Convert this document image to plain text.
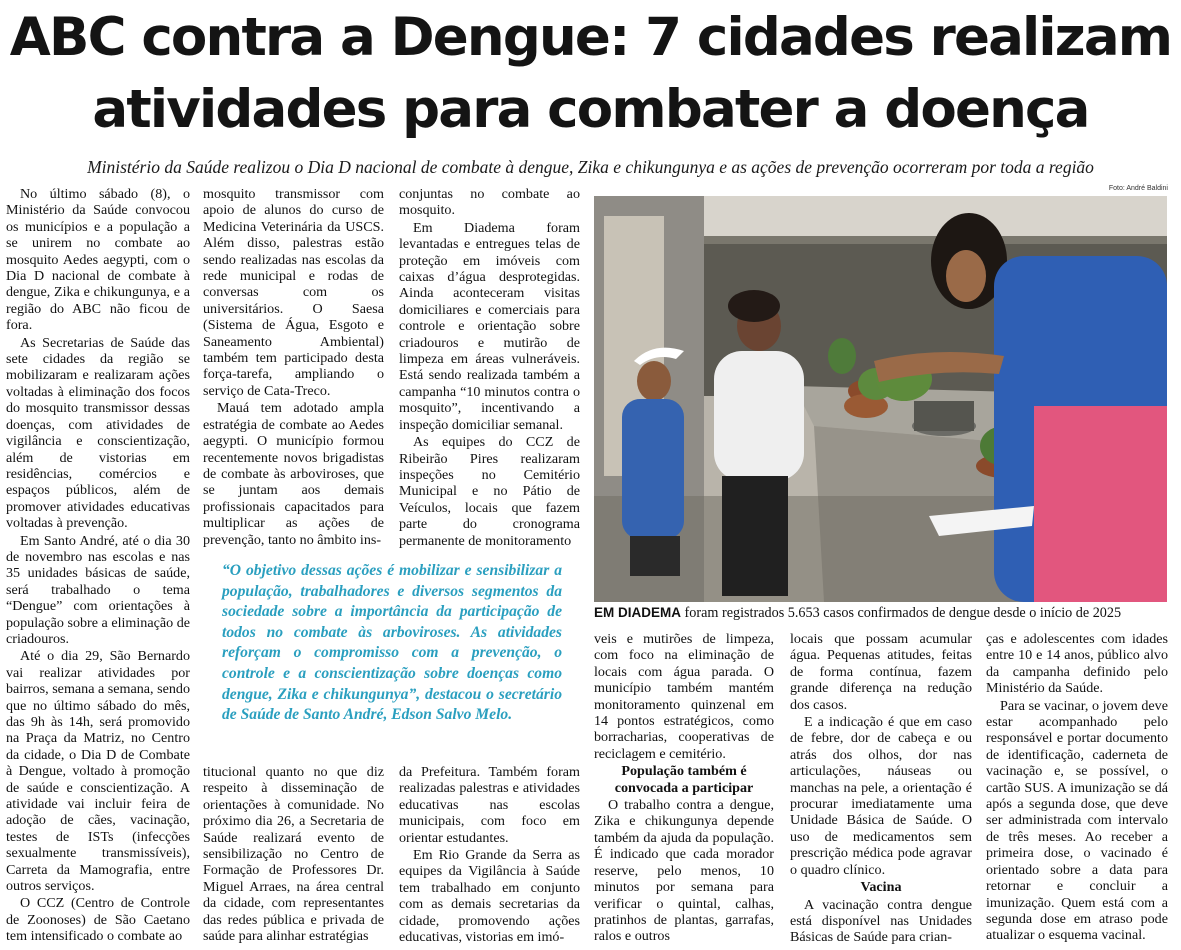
ABC contra a Dengue: 7 cidades realizam
atividades para combater a doença
Ministério da Saúde realizou o Dia D nacional de combate à dengue, Zika e chikungunya e as ações de prevenção ocorreram por toda a região

No último sábado (8), o Ministério da Saúde convocou os municípios e a população a se unirem no combate ao mosquito Aedes aegypti, com o Dia D nacional de combate à dengue, Zika e chikungunya, e a região do ABC não ficou de fora.

As Secretarias de Saúde das sete cidades da região se mobilizaram e realizaram ações voltadas à eliminação dos focos do mosquito transmissor dessas doenças, com atividades de vigilância e conscientização, além de vistorias em residências, comércios e espaços públicos, além de promover atividades educativas voltadas à prevenção.

Em Santo André, até o dia 30 de novembro nas escolas e nas 35 unidades básicas de saúde, será trabalhado o tema “Dengue” com orientações à população sobre a eliminação de criadouros.

Até o dia 29, São Bernardo vai realizar atividades por bairros, semana a semana, sendo que no último sábado do mês, das 9h às 14h, será promovido na Praça da Matriz, no Centro da cidade, o Dia D de Combate à Dengue, voltado à promoção de saúde e conscientização. A atividade vai incluir feira de adoção de cães, vacinação, testes de ISTs (infecções sexualmente transmissíveis), Carreta da Mamografia, entre outros serviços.

O CCZ (Centro de Controle de Zoonoses) de São Caetano tem intensificado o combate ao

mosquito transmissor com apoio de alunos do curso de Medicina Veterinária da USCS. Além disso, palestras estão sendo realizadas nas escolas da rede municipal e rodas de conversas com os universitários. O Saesa (Sistema de Água, Esgoto e Saneamento Ambiental) também tem participado desta força-tarefa, ampliando o serviço de Cata-Treco.

Mauá tem adotado ampla estratégia de combate ao Aedes aegypti. O município formou recentemente novos brigadistas de combate às arboviroses, que se juntam aos demais profissionais capacitados para multiplicar as ações de prevenção, tanto no âmbito ins-

conjuntas no combate ao mosquito.

Em Diadema foram levantadas e entregues telas de proteção em imóveis com caixas d’água desprotegidas. Ainda aconteceram visitas domiciliares e comerciais para controle e orientação sobre criadouros e mutirão de limpeza em áreas vulneráveis. Está sendo realizada também a campanha “10 minutos contra o mosquito”, incentivando a inspeção domiciliar semanal.

As equipes do CCZ de Ribeirão Pires realizaram inspeções no Cemitério Municipal e no Pátio de Veículos, locais que fazem parte do cronograma permanente de monitoramento

“O objetivo dessas ações é mobilizar e sensibilizar a população, trabalhadores e diversos segmentos da sociedade sobre a importância da participação de todos no combate às arboviroses. As atividades reforçam o compromisso com a prevenção, o controle e a conscientização sobre doenças como dengue, Zika e chikungunya”, destacou o secretário de Saúde de Santo André, Edson Salvo Melo.

titucional quanto no que diz respeito à disseminação de orientações à comunidade. No próximo dia 26, a Secretaria de Saúde realizará evento de sensibilização no Centro de Formação de Professores Dr. Miguel Arraes, na área central da cidade, com representantes das redes pública e privada de saúde para alinhar estratégias

da Prefeitura. Também foram realizadas palestras e atividades educativas nas escolas municipais, com foco em orientar estudantes.

Em Rio Grande da Serra as equipes da Vigilância à Saúde tem trabalhado em conjunto com as demais secretarias da cidade, promovendo ações educativas, vistorias em imó-

Foto: André Baldini
EM DIADEMA foram registrados 5.653 casos confirmados de dengue desde o início de 2025

veis e mutirões de limpeza, com foco na eliminação de locais com água parada. O município também mantém monitoramento quinzenal em 14 pontos estratégicos, como borracharias, cooperativas de reciclagem e cemitério.

População também é convocada a participar

O trabalho contra a dengue, Zika e chikungunya depende também da ajuda da população. É indicado que cada morador reserve, pelo menos, 10 minutos por semana para verificar o quintal, calhas, pratinhos de plantas, garrafas, ralos e outros

locais que possam acumular água. Pequenas atitudes, feitas de forma contínua, fazem grande diferença na redução dos casos.

E a indicação é que em caso de febre, dor de cabeça e ou atrás dos olhos, dor nas articulações, náuseas ou manchas na pele, a orientação é procurar imediatamente uma Unidade Básica de Saúde. O uso de medicamentos sem prescrição médica pode agravar o quadro clínico.

Vacina

A vacinação contra dengue está disponível nas Unidades Básicas de Saúde para crian-

ças e adolescentes com idades entre 10 e 14 anos, público alvo da campanha definido pelo Ministério da Saúde.

Para se vacinar, o jovem deve estar acompanhado pelo responsável e portar documento de identificação, caderneta de vacinação e, se possível, o cartão SUS. A imunização se dá após a segunda dose, que deve ser administrada com intervalo de três meses. Ao receber a primeira dose, o vacinado é orientado sobre a data para retornar e concluir a imunização. Quem está com a segunda dose em atraso pode atualizar o esquema vacinal.
